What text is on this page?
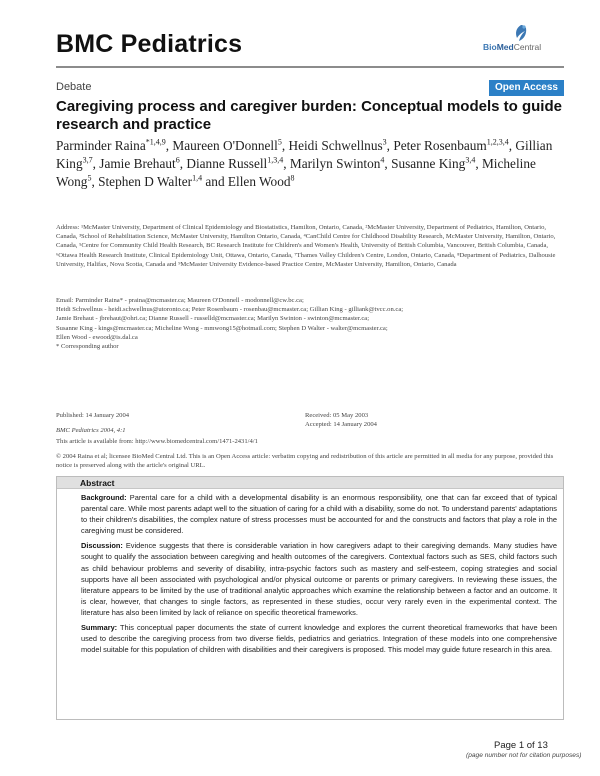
BMC Pediatrics	BioMedCentral
Debate	Open Access
Caregiving process and caregiver burden: Conceptual models to guide research and practice
Parminder Raina$^{*1,4,9}$, Maureen O'Donnell$^5$, Heidi Schwellnus$^3$, Peter Rosenbaum$^{1,2,3,4}$, Gillian King$^{3,7}$, Jamie Brehaut$^6$, Dianne Russell$^{1,3,4}$, Marilyn Swinton$^4$, Susanne King$^{3,4}$, Micheline Wong$^5$, Stephen D Walter$^{1,4}$ and Ellen Wood$^8$
Address: ¹McMaster University, Department of Clinical Epidemiology and Biostatistics, Hamilton, Ontario, Canada, ²McMaster University, Department of Pediatrics, Hamilton, Ontario, Canada, ³School of Rehabilitation Science, McMaster University, Hamilton Ontario, Canada, ⁴CanChild Centre for Childhood Disability Research, McMaster University, Hamilton, Ontario, Canada, ⁵Centre for Community Child Health Research, BC Research Institute for Children's and Women's Health, University of British Columbia, Vancouver, British Columbia, Canada, ⁶Ottawa Health Research Institute, Clinical Epidemiology Unit, Ottawa, Ontario, Canada, ⁷Thames Valley Children's Centre, London, Ontario, Canada, ⁸Department of Pediatrics, Dalhousie University, Halifax, Nova Scotia, Canada and ⁹McMaster University Evidence-based Practice Centre, McMaster University, Hamilton, Ontario, Canada
Email: Parminder Raina* - praina@mcmaster.ca; Maureen O'Donnell - modonnell@cw.bc.ca;
Heidi Schwellnus - heidi.schwellnus@utoronto.ca; Peter Rosenbaum - rosenbau@mcmaster.ca; Gillian King - gilliank@tvcc.on.ca;
Jamie Brehaut - jbrehaut@ohri.ca; Dianne Russell - russelld@mcmaster.ca; Marilyn Swinton - swinton@mcmaster.ca;
Susanne King - kings@mcmaster.ca; Micheline Wong - mmwong15@hotmail.com; Stephen D Walter - walter@mcmaster.ca;
Ellen Wood - ewood@is.dal.ca
* Corresponding author
Published: 14 January 2004
BMC Pediatrics 2004, 4:1
Received: 05 May 2003
Accepted: 14 January 2004
This article is available from: http://www.biomedcentral.com/1471-2431/4/1
© 2004 Raina et al; licensee BioMed Central Ltd. This is an Open Access article: verbatim copying and redistribution of this article are permitted in all media for any purpose, provided this notice is preserved along with the article's original URL.
Abstract

Background: Parental care for a child with a developmental disability is an enormous responsibility, one that can far exceed that of typical parental care. While most parents adapt well to the situation of caring for a child with a disability, some do not. To understand parents' adaptations to their children's disabilities, the complex nature of stress processes must be accounted for and the constructs and factors that play a role in the caregiving must be considered.

Discussion: Evidence suggests that there is considerable variation in how caregivers adapt to their caregiving demands. Many studies have sought to qualify the association between caregiving and health outcomes of the caregivers. Contextual factors such as SES, child factors such as child behaviour problems and severity of disability, intra-psychic factors such as mastery and self-esteem, coping strategies and social supports have all been associated with psychological and/or physical outcome or parents or primary caregivers. In reviewing these issues, the literature appears to be limited by the use of traditional analytic approaches which examine the relationship between a factor and an outcome. It is clear, however, that changes to single factors, as represented in these studies, occur very rarely even in the experimental context. The literature has also been limited by lack of reliance on specific theoretical frameworks.

Summary: This conceptual paper documents the state of current knowledge and explores the current theoretical frameworks that have been used to describe the caregiving process from two diverse fields, pediatrics and geriatrics. Integration of these models into one comprehensive model suitable for this population of children with disabilities and their caregivers is proposed. This model may guide future research in this area.

Page 1 of 13
(page number not for citation purposes)
